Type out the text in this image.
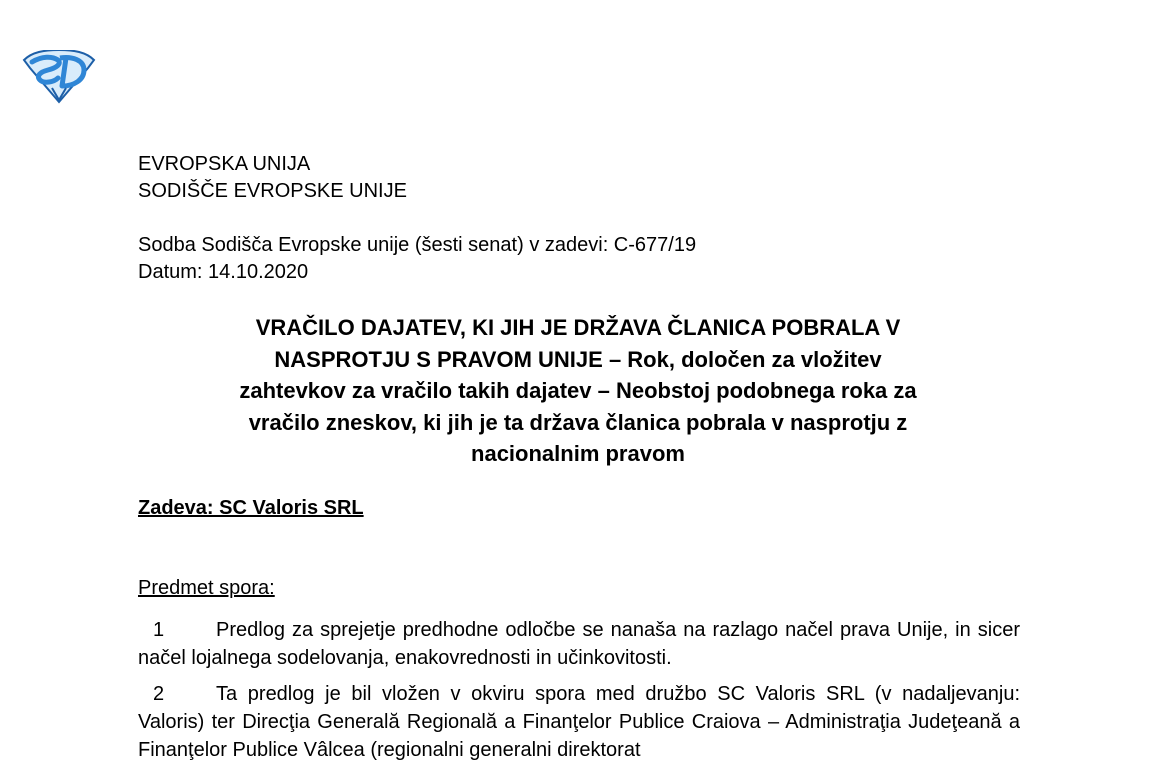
EVROPSKA UNIJA
SODIŠČE EVROPSKE UNIJE
Sodba Sodišča Evropske unije (šesti senat) v zadevi: C-677/19
Datum: 14.10.2020
VRAČILO DAJATEV, KI JIH JE DRŽAVA ČLANICA POBRALA V
NASPROTJU S PRAVOM UNIJE – Rok, določen za vložitev
zahtevkov za vračilo takih dajatev – Neobstoj podobnega roka za
vračilo zneskov, ki jih je ta država članica pobrala v nasprotju z
nacionalnim pravom
Zadeva: SC Valoris SRL
Predmet spora:
1	Predlog za sprejetje predhodne odločbe se nanaša na razlago načel prava Unije, in sicer načel lojalnega sodelovanja, enakovrednosti in učinkovitosti.
2	Ta predlog je bil vložen v okviru spora med družbo SC Valoris SRL (v nadaljevanju: Valoris) ter Direcţia Generală Regională a Finanţelor Publice Craiova – Administraţia Judeţeană a Finanţelor Publice Vâlcea (regionalni generalni direktorat
